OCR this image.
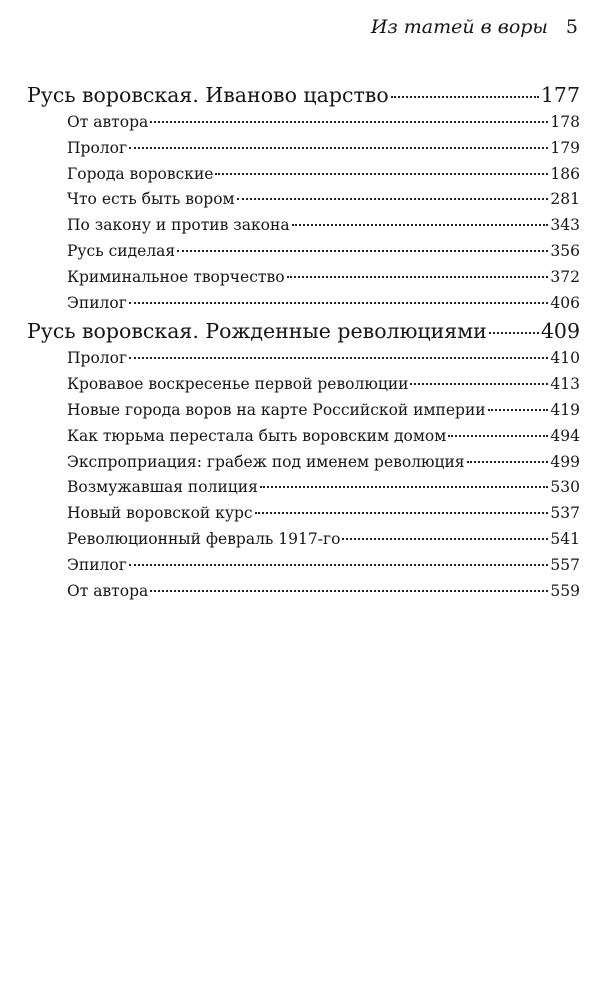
Из татей в воры 5
Русь воровская. Иваново царство	177
От автора	178
Пролог	179
Города воровские	186
Что есть быть вором	281
По закону и против закона	343
Русь сиделая	356
Криминальное творчество	372
Эпилог	406
Русь воровская. Рожденные революциями	409
Пролог	410
Кровавое воскресенье первой революции	413
Новые города воров на карте Российской империи	419
Как тюрьма перестала быть воровским домом	494
Экспроприация: грабеж под именем революция	499
Возмужавшая полиция	530
Новый воровской курс	537
Революционный февраль 1917-го	541
Эпилог	557
От автора	559
